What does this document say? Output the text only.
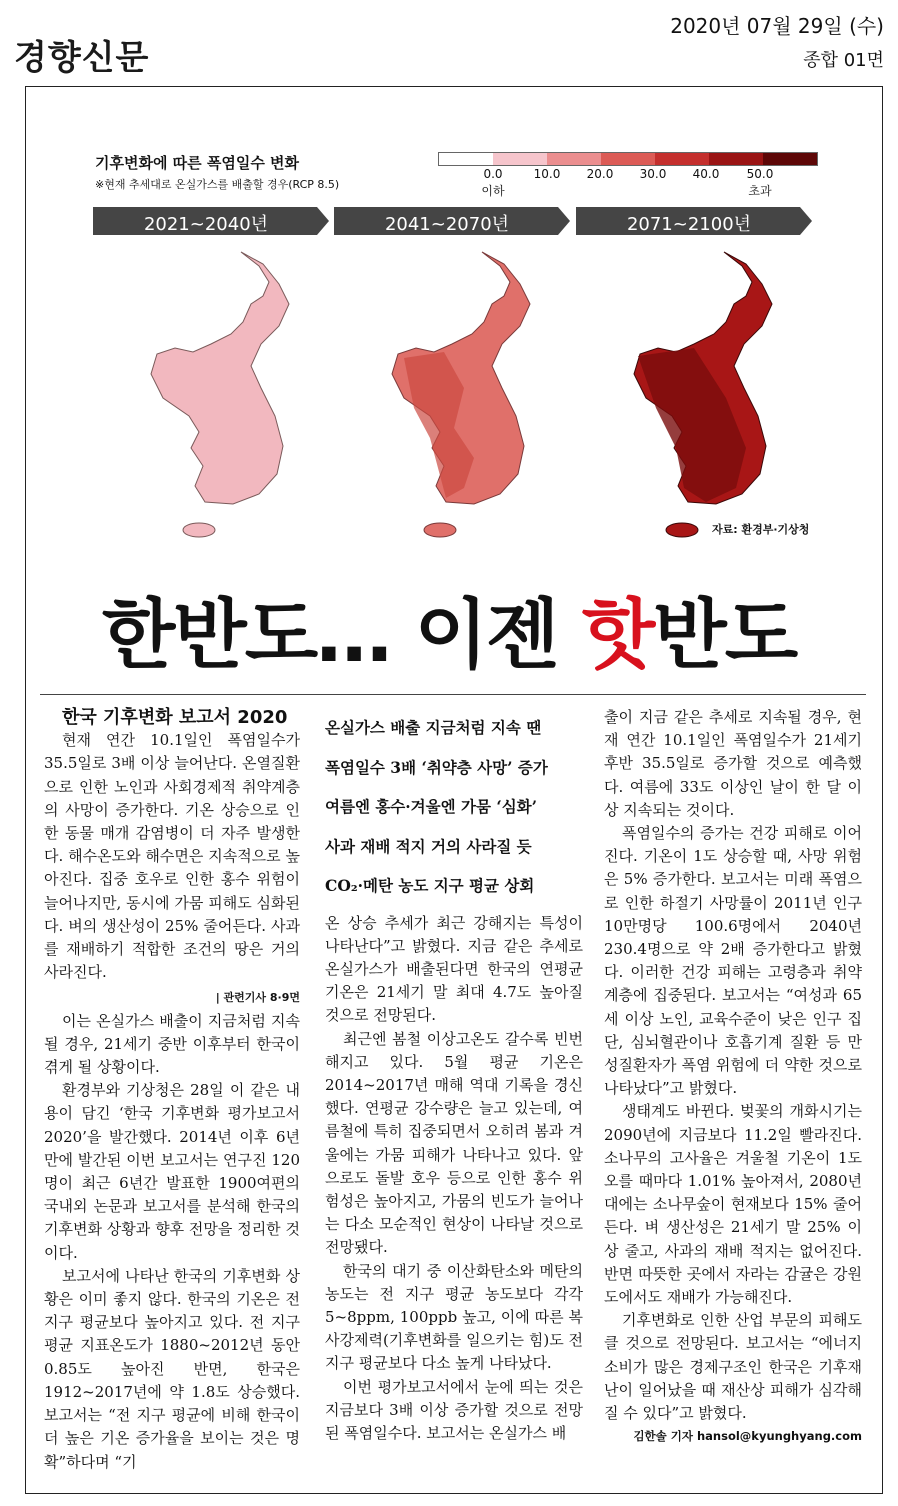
경향신문
2020년 07월 29일 (수)
종합 01면
기후변화에 따른 폭염일수 변화
※현재 추세대로 온실가스를 배출할 경우(RCP 8.5)
0.0	10.0	20.0	30.0	40.0	50.0
이하	초과
2021~2040년	2041~2070년	2071~2100년
자료: 환경부·기상청
한반도… 이젠 핫반도

한국 기후변화 보고서 2020

현재 연간 10.1일인 폭염일수가 35.5일로 3배 이상 늘어난다. 온열질환으로 인한 노인과 사회경제적 취약계층의 사망이 증가한다. 기온 상승으로 인한 동물 매개 감염병이 더 자주 발생한다. 해수온도와 해수면은 지속적으로 높아진다. 집중 호우로 인한 홍수 위험이 늘어나지만, 동시에 가뭄 피해도 심화된다. 벼의 생산성이 25% 줄어든다. 사과를 재배하기 적합한 조건의 땅은 거의 사라진다.

| 관련기사 8·9면

이는 온실가스 배출이 지금처럼 지속될 경우, 21세기 중반 이후부터 한국이 겪게 될 상황이다.

환경부와 기상청은 28일 이 같은 내용이 담긴 ‘한국 기후변화 평가보고서 2020’을 발간했다. 2014년 이후 6년 만에 발간된 이번 보고서는 연구진 120명이 최근 6년간 발표한 1900여편의 국내외 논문과 보고서를 분석해 한국의 기후변화 상황과 향후 전망을 정리한 것이다.

보고서에 나타난 한국의 기후변화 상황은 이미 좋지 않다. 한국의 기온은 전 지구 평균보다 높아지고 있다. 전 지구 평균 지표온도가 1880~2012년 동안 0.85도 높아진 반면, 한국은 1912~2017년에 약 1.8도 상승했다. 보고서는 “전 지구 평균에 비해 한국이 더 높은 기온 증가율을 보이는 것은 명확”하다며 “기

온실가스 배출 지금처럼 지속 땐
폭염일수 3배 ‘취약층 사망’ 증가
여름엔 홍수·겨울엔 가뭄 ‘심화’
사과 재배 적지 거의 사라질 듯
CO₂·메탄 농도 지구 평균 상회

온 상승 추세가 최근 강해지는 특성이 나타난다”고 밝혔다. 지금 같은 추세로 온실가스가 배출된다면 한국의 연평균 기온은 21세기 말 최대 4.7도 높아질 것으로 전망된다.

최근엔 봄철 이상고온도 갈수록 빈번해지고 있다. 5월 평균 기온은 2014~2017년 매해 역대 기록을 경신했다. 연평균 강수량은 늘고 있는데, 여름철에 특히 집중되면서 오히려 봄과 겨울에는 가뭄 피해가 나타나고 있다. 앞으로도 돌발 호우 등으로 인한 홍수 위험성은 높아지고, 가뭄의 빈도가 늘어나는 다소 모순적인 현상이 나타날 것으로 전망됐다.

한국의 대기 중 이산화탄소와 메탄의 농도는 전 지구 평균 농도보다 각각 5~8ppm, 100ppb 높고, 이에 따른 복사강제력(기후변화를 일으키는 힘)도 전 지구 평균보다 다소 높게 나타났다.

이번 평가보고서에서 눈에 띄는 것은 지금보다 3배 이상 증가할 것으로 전망된 폭염일수다. 보고서는 온실가스 배

출이 지금 같은 추세로 지속될 경우, 현재 연간 10.1일인 폭염일수가 21세기 후반 35.5일로 증가할 것으로 예측했다. 여름에 33도 이상인 날이 한 달 이상 지속되는 것이다.

폭염일수의 증가는 건강 피해로 이어진다. 기온이 1도 상승할 때, 사망 위험은 5% 증가한다. 보고서는 미래 폭염으로 인한 하절기 사망률이 2011년 인구 10만명당 100.6명에서 2040년 230.4명으로 약 2배 증가한다고 밝혔다. 이러한 건강 피해는 고령층과 취약계층에 집중된다. 보고서는 “여성과 65세 이상 노인, 교육수준이 낮은 인구 집단, 심뇌혈관이나 호흡기계 질환 등 만성질환자가 폭염 위험에 더 약한 것으로 나타났다”고 밝혔다.

생태계도 바뀐다. 벚꽃의 개화시기는 2090년에 지금보다 11.2일 빨라진다. 소나무의 고사율은 겨울철 기온이 1도 오를 때마다 1.01% 높아져서, 2080년대에는 소나무숲이 현재보다 15% 줄어든다. 벼 생산성은 21세기 말 25% 이상 줄고, 사과의 재배 적지는 없어진다. 반면 따뜻한 곳에서 자라는 감귤은 강원도에서도 재배가 가능해진다.

기후변화로 인한 산업 부문의 피해도 클 것으로 전망된다. 보고서는 “에너지 소비가 많은 경제구조인 한국은 기후재난이 일어났을 때 재산상 피해가 심각해질 수 있다”고 밝혔다.

김한솔 기자 hansol@kyunghyang.com
